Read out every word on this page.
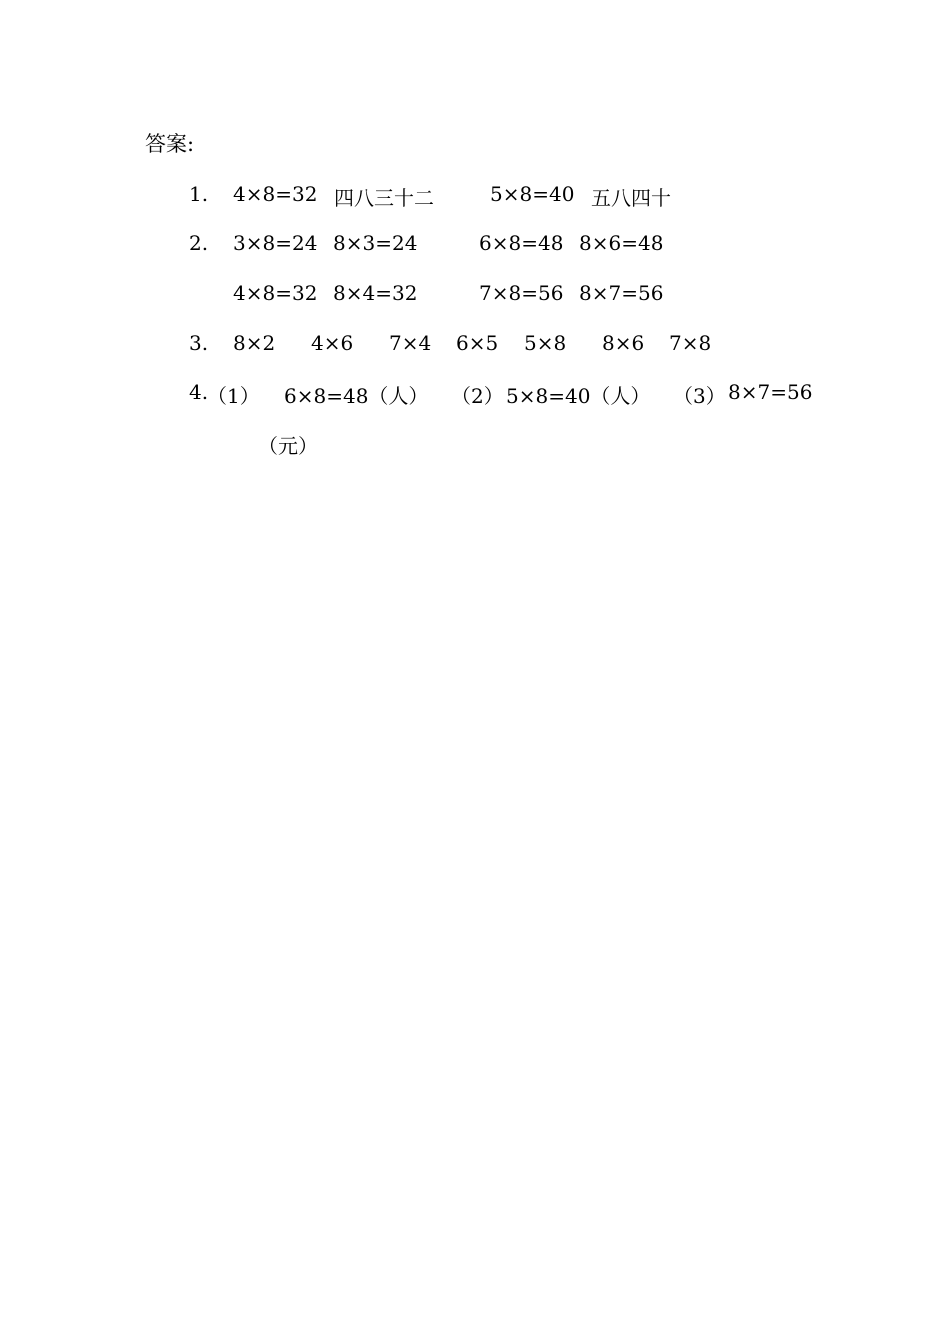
答案:
1. 4×8=32 四八三十二	5×8=40 五八四十
2. 3×8=24 8×3=24	6×8=48 8×6=48
4×8=32 8×4=32	7×8=56 8×7=56
3. 8×2 4×6 7×4 6×5 5×8 8×6 7×8
4.
（1） 6×8=48（人） （2） 5×8=40（人） （3） 8×7=56
（元）
